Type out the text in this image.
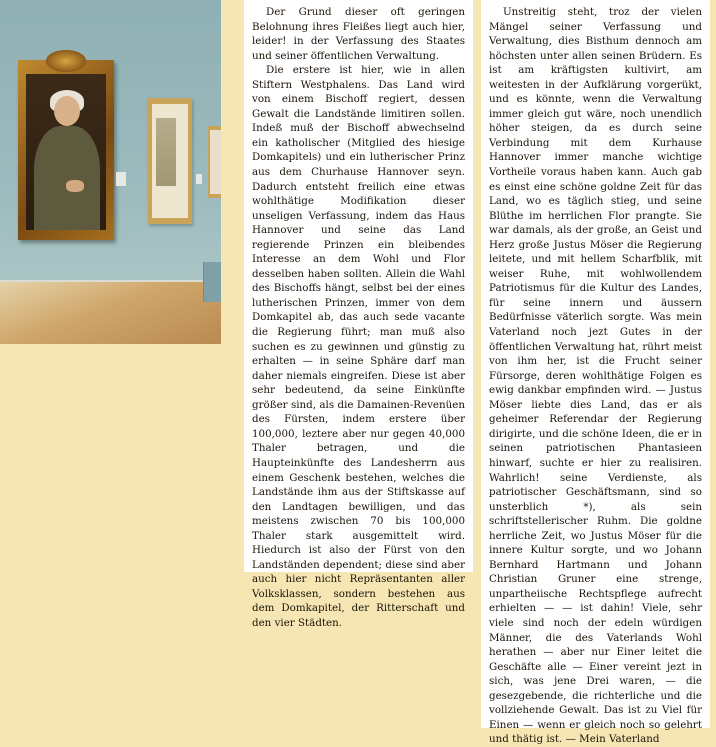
Der Grund dieser oft geringen Belohnung ihres Fleißes liegt auch hier, leider! in der Verfassung des Staates und seiner öffentlichen Verwaltung.

Die erstere ist hier, wie in allen Stiftern Westphalens. Das Land wird von einem Bischoff regiert, dessen Gewalt die Landstände limitiren sollen. Indeß muß der Bischoff abwechselnd ein katholischer (Mitglied des hiesige Domkapitels) und ein lutherischer Prinz aus dem Churhause Hannover seyn. Dadurch entsteht freilich eine etwas wohlthätige Modifikation dieser unseligen Verfassung, indem das Haus Hannover und seine das Land regierende Prinzen ein bleibendes Interesse an dem Wohl und Flor desselben haben sollten. Allein die Wahl des Bischoffs hängt, selbst bei der eines lutherischen Prinzen, immer von dem Domkapitel ab, das auch sede vacante die Regierung führt; man muß also suchen es zu gewinnen und günstig zu erhalten — in seine Sphäre darf man daher niemals eingreifen. Diese ist aber sehr bedeutend, da seine Einkünfte größer sind, als die Damainen-Revenüen des Fürsten, indem erstere über 100,000, leztere aber nur gegen 40,000 Thaler betragen, und die Haupteinkünfte des Landesherrn aus einem Geschenk bestehen, welches die Landstände ihm aus der Stiftskasse auf den Landtagen bewilligen, und das meistens zwischen 70 bis 100,000 Thaler stark ausgemittelt wird. Hiedurch ist also der Fürst von den Landständen dependent; diese sind aber auch hier nicht Repräsentanten aller Volksklassen, sondern bestehen aus dem Domkapitel, der Ritterschaft und den vier Städten.

Unstreitig steht, troz der vielen Mängel seiner Verfassung und Verwaltung, dies Bisthum dennoch am höchsten unter allen seinen Brüdern. Es ist am kräftigsten kultivirt, am weitesten in der Aufklärung vorgerükt, und es könnte, wenn die Verwaltung immer gleich gut wäre, noch unendlich höher steigen, da es durch seine Verbindung mit dem Kurhause Hannover immer manche wichtige Vortheile voraus haben kann. Auch gab es einst eine schöne goldne Zeit für das Land, wo es täglich stieg, und seine Blüthe im herrlichen Flor prangte. Sie war damals, als der große, an Geist und Herz große Justus Möser die Regierung leitete, und mit hellem Scharfblik, mit weiser Ruhe, mit wohlwollendem Patriotismus für die Kultur des Landes, für seine innern und äussern Bedürfnisse väterlich sorgte. Was mein Vaterland noch jezt Gutes in der öffentlichen Verwaltung hat, rührt meist von ihm her, ist die Frucht seiner Fürsorge, deren wohlthätige Folgen es ewig dankbar empfinden wird. — Justus Möser liebte dies Land, das er als geheimer Referendar der Regierung dirigirte, und die schöne Ideen, die er in seinen patriotischen Phantasieen hinwarf, suchte er hier zu realisiren. Wahrlich! seine Verdienste, als patriotischer Geschäftsmann, sind so unsterblich *), als sein schriftstellerischer Ruhm. Die goldne herrliche Zeit, wo Justus Möser für die innere Kultur sorgte, und wo Johann Bernhard Hartmann und Johann Christian Gruner eine strenge, unpartheiische Rechtspflege aufrecht erhielten — — ist dahin! Viele, sehr viele sind noch der edeln würdigen Männer, die des Vaterlands Wohl herathen — aber nur Einer leitet die Geschäfte alle — Einer vereint jezt in sich, was jene Drei waren, — die gesezgebende, die richterliche und die vollziehende Gewalt. Das ist zu Viel für Einen — wenn er gleich noch so gelehrt und thätig ist. — Mein Vaterland
